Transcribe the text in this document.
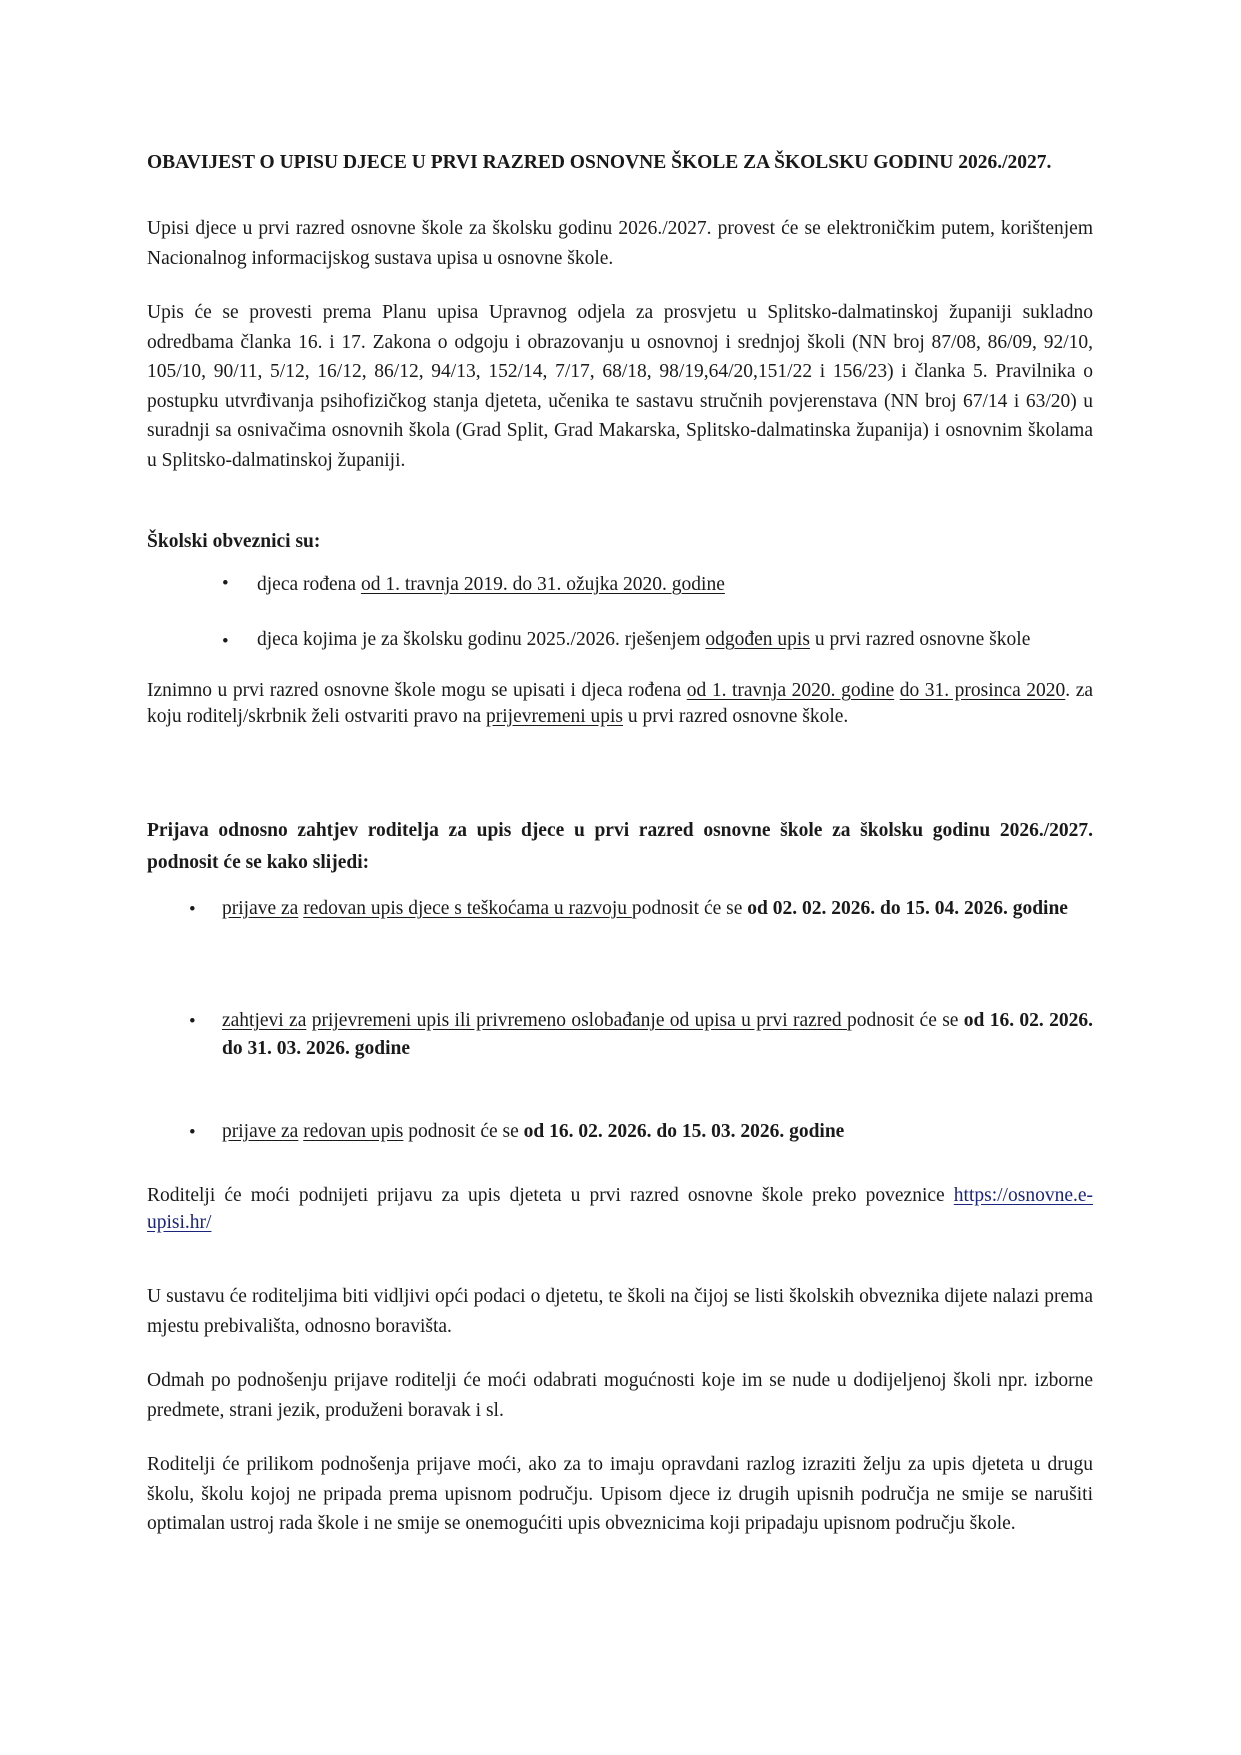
OBAVIJEST O UPISU DJECE U PRVI RAZRED OSNOVNE ŠKOLE ZA ŠKOLSKU GODINU 2026./2027.

Upisi djece u prvi razred osnovne škole za školsku godinu 2026./2027. provest će se elektroničkim putem, korištenjem Nacionalnog informacijskog sustava upisa u osnovne škole.

Upis će se provesti prema Planu upisa Upravnog odjela za prosvjetu u Splitsko-dalmatinskoj županiji sukladno odredbama članka 16. i 17. Zakona o odgoju i obrazovanju u osnovnoj i srednjoj školi (NN broj 87/08, 86/09, 92/10, 105/10, 90/11, 5/12, 16/12, 86/12, 94/13, 152/14, 7/17, 68/18, 98/19,64/20,151/22 i 156/23) i članka 5. Pravilnika o postupku utvrđivanja psihofizičkog stanja djeteta, učenika te sastavu stručnih povjerenstava (NN broj 67/14 i 63/20) u suradnji sa osnivačima osnovnih škola (Grad Split, Grad Makarska, Splitsko-dalmatinska županija) i osnovnim školama u Splitsko-dalmatinskoj županiji.

Školski obveznici su:

• djeca rođena od 1. travnja 2019. do 31. ožujka 2020. godine

• djeca kojima je za školsku godinu 2025./2026. rješenjem odgođen upis u prvi razred osnovne škole

Iznimno u prvi razred osnovne škole mogu se upisati i djeca rođena od 1. travnja 2020. godine do 31. prosinca 2020. za koju roditelj/skrbnik želi ostvariti pravo na prijevremeni upis u prvi razred osnovne škole.

Prijava odnosno zahtjev roditelja za upis djece u prvi razred osnovne škole za školsku godinu 2026./2027. podnosit će se kako slijedi:

• prijave za redovan upis djece s teškoćama u razvoju podnosit će se od 02. 02. 2026. do 15. 04. 2026. godine

• zahtjevi za prijevremeni upis ili privremeno oslobađanje od upisa u prvi razred podnosit će se od 16. 02. 2026. do 31. 03. 2026. godine

• prijave za redovan upis podnosit će se od 16. 02. 2026. do 15. 03. 2026. godine

Roditelji će moći podnijeti prijavu za upis djeteta u prvi razred osnovne škole preko poveznice https://osnovne.e-upisi.hr/

U sustavu će roditeljima biti vidljivi opći podaci o djetetu, te školi na čijoj se listi školskih obveznika dijete nalazi prema mjestu prebivališta, odnosno boravišta.

Odmah po podnošenju prijave roditelji će moći odabrati mogućnosti koje im se nude u dodijeljenoj školi npr. izborne predmete, strani jezik, produženi boravak i sl.

Roditelji će prilikom podnošenja prijave moći, ako za to imaju opravdani razlog izraziti želju za upis djeteta u drugu školu, školu kojoj ne pripada prema upisnom području. Upisom djece iz drugih upisnih područja ne smije se narušiti optimalan ustroj rada škole i ne smije se onemogućiti upis obveznicima koji pripadaju upisnom području škole.
